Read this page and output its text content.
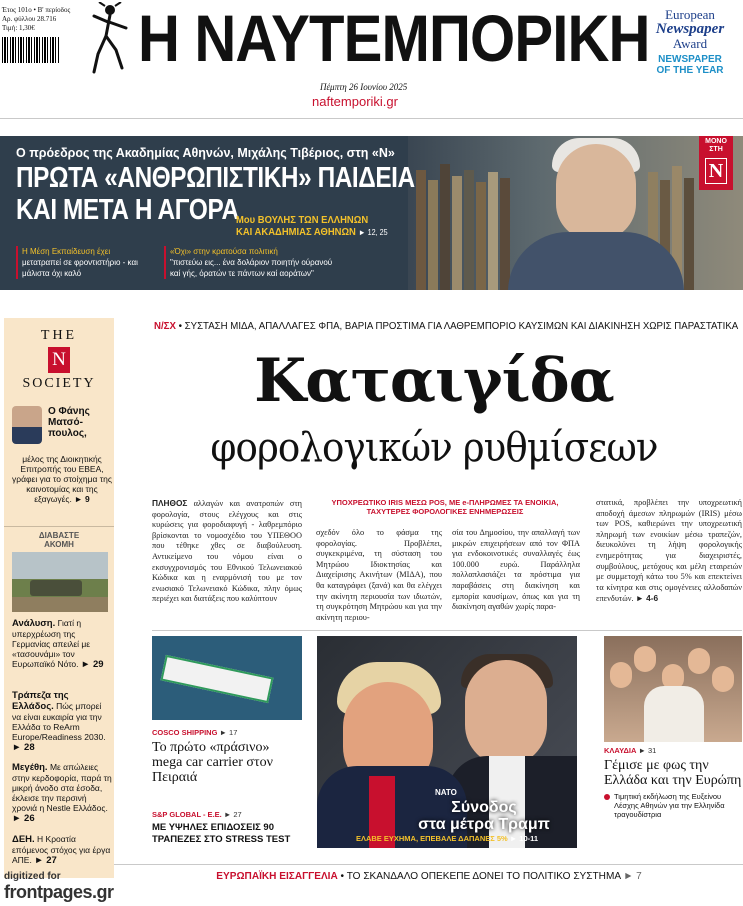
Έτος 101ο • Β' περίοδος
Αρ. φύλλου 28.716
Τιμή: 1,30€	Η ΝΑΥΤΕΜΠΟΡΙΚΗ
Πέμπτη 26 Ιουνίου 2025
naftemporiki.gr
European
Newspaper
Award
NEWSPAPER
OF THE YEAR
ΜΟΝΟ
ΣΤΗ
N
Ο πρόεδρος της Ακαδημίας Αθηνών, Μιχάλης Τιβέριος, στη «Ν»
ΠΡΩΤΑ «ΑΝΘΡΩΠΙΣΤΙΚΗ» ΠΑΙΔΕΙΑ
ΚΑΙ ΜΕΤΑ Η ΑΓΟΡΑ
Μου ΒΟΥΛΗΣ ΤΩΝ ΕΛΛΗΝΩΝ
ΚΑΙ ΑΚΑΔΗΜΙΑΣ ΑΘΗΝΩΝ ► 12, 25
Η Μέση Εκπαίδευση έχει μετατραπεί σε φροντιστήριο - και μάλιστα όχι καλό
«Όχι» στην κρατούσα πολιτική
"πιστεύω εις... ένα δολάριον ποιητήν ούρανού καί γής, όρατών τε πάντων καί αοράτων"
THE
N
SOCIETY
Ο Φάνης Ματσό-πουλος,
μέλος της Διοικητικής Επιτροπής του ΕΒΕΑ, γράφει για το στοίχημα της καινοτομίας και της εξαγωγές. ► 9
ΔΙΑΒΑΣΤΕ
ΑΚΟΜΗ
Ανάλυση. Γιατί η υπερχρέωση της Γερμανίας απειλεί με «τασουνάμι» τον Ευρωπαϊκό Νότο. ► 29
Τράπεζα της Ελλάδος. Πώς μπορεί να είναι ευκαιρία για την Ελλάδα το ReArm Europe/Readiness 2030. ► 28
Μεγέθη. Με απώλειες στην κερδοφορία, παρά τη μικρή άνοδο στα έσοδα, έκλεισε την περσινή χρονιά η Nestle Ελλάδος. ► 26
ΔΕΗ. Η Κροατία επόμενος στόχος για έργα ΑΠΕ. ► 27
N/ΣΧ • ΣΥΣΤΑΣΗ ΜΙΔΑ, ΑΠΑΛΛΑΓΕΣ ΦΠΑ, ΒΑΡΙΑ ΠΡΟΣΤΙΜΑ ΓΙΑ ΛΑΘΡΕΜΠΟΡΙΟ ΚΑΥΣΙΜΩΝ ΚΑΙ ΔΙΑΚΙΝΗΣΗ ΧΩΡΙΣ ΠΑΡΑΣΤΑΤΙΚΑ
Καταιγίδα
φορολογικών ρυθμίσεων
ΥΠΟΧΡΕΩΤΙΚΟ IRIS ΜΕΣΩ POS, ΜΕ e-ΠΛΗΡΩΜΕΣ ΤΑ ΕΝΟΙΚΙΑ, ΤΑΧΥΤΕΡΕΣ ΦΟΡΟΛΟΓΙΚΕΣ ΕΝΗΜΕΡΩΣΕΙΣ
ΠΛΗΘΟΣ αλλαγών και ανατροπών στη φορολογία, στους ελέγχους και στις κυρώσεις για φοροδιαφυγή - λαθρεμπόριο βρίσκονται το νομοσχέδιο του ΥΠΕΘΟΟ που τέθηκε χθες σε διαβούλευση. Αντικείμενο του νόμου είναι ο εκσυγχρονισμός του Εθνικού Τελωνειακού Κώδικα και η εναρμόνισή του με τον ενωσιακό Τελωνειακό Κώδικα, πλην όμως περιέχει και διατάξεις που καλύπτουν
σχεδόν όλο το φάσμα της φορολογίας. Προβλέπει, συγκεκριμένα, τη σύσταση του Μητρώου Ιδιοκτησίας και Διαχείρισης Ακινήτων (ΜΙΔΑ), που θα καταγράφει (ξανά) και θα ελέγχει την ακίνητη περιουσία των ιδιωτών, τη συγκρότηση Μητρώου και για την ακίνητη περιου-
σία του Δημοσίου, την απαλλαγή των μικρών επιχειρήσεων από τον ΦΠΑ για ενδοκοινοτικές συναλλαγές έως 100.000 ευρώ. Παράλληλα πολλαπλασιάζει τα πρόστιμα για παραβάσεις στη διακίνηση και εμπορία καυσίμων, όπως και για τη διακίνηση αγαθών χωρίς παρα-
στατικά, προβλέπει την υποχρεωτική αποδοχή άμεσων πληρωμών (IRIS) μέσω των POS, καθιερώνει την υποχρεωτική πληρωμή των ενοικίων μέσω τραπεζών, διευκολύνει τη λήψη φορολογικής ενημερότητας για διαχειριστές, συμβούλους, μετόχους και μέλη εταιρειών με συμμετοχή κάτω του 5% και επεκτείνει τα κίνητρα και στις ομογένειες αλλοδαπών επενδυτών. ► 4-6
COSCO SHIPPING ► 17
Το πρώτο «πράσινο» mega car carrier στον Πειραιά
S&P GLOBAL - Ε.Ε. ► 27
ΜΕ ΥΨΗΛΕΣ ΕΠΙΔΟΣΕΙΣ 90 ΤΡΑΠΕΖΕΣ ΣΤΟ STRESS TEST
ΝΑΤΟ
Σύνοδος
στα μέτρα Τραμπ
ΕΛΑΒΕ ΕΥΧΗΜΑ, ΕΠΕΒΑΛΕ ΔΑΠΑΝΕΣ 5% ► 10-11
ΚΛΑΥΔΙΑ ► 31
Γέμισε με φως την Ελλάδα και την Ευρώπη
Τιμητική εκδήλωση της Ευξείνου Λέσχης Αθηνών για την Ελληνίδα τραγουδίστρια
ΕΥΡΩΠΑΪΚΗ ΕΙΣΑΓΓΕΛΙΑ • ΤΟ ΣΚΑΝΔΑΛΟ ΟΠΕΚΕΠΕ ΔΟΝΕΙ ΤΟ ΠΟΛΙΤΙΚΟ ΣΥΣΤΗΜΑ ► 7
digitized for
frontpages.gr
